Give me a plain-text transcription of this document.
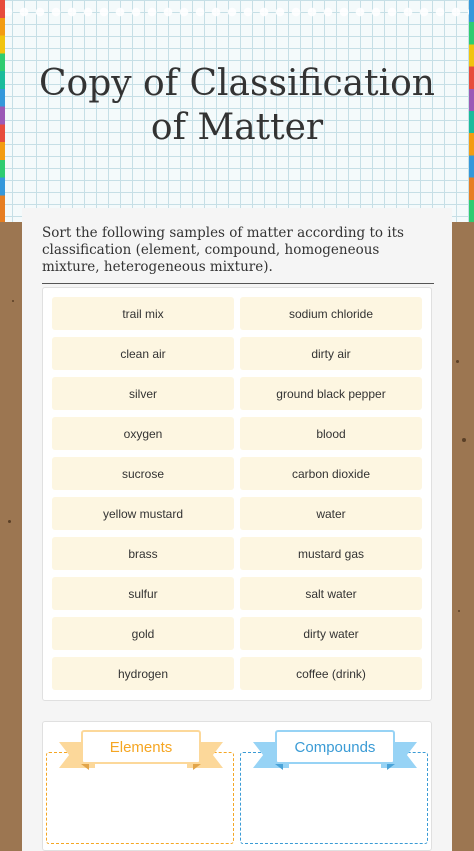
Copy of Classification of Matter
Sort the following samples of matter according to its classification (element, compound, homogeneous mixture, heterogeneous mixture).
trail mix	sodium chloride
clean air	dirty air
silver	ground black pepper
oxygen	blood
sucrose	carbon dioxide
yellow mustard	water
brass	mustard gas
sulfur	salt water
gold	dirty water
hydrogen	coffee (drink)
Elements	Compounds
